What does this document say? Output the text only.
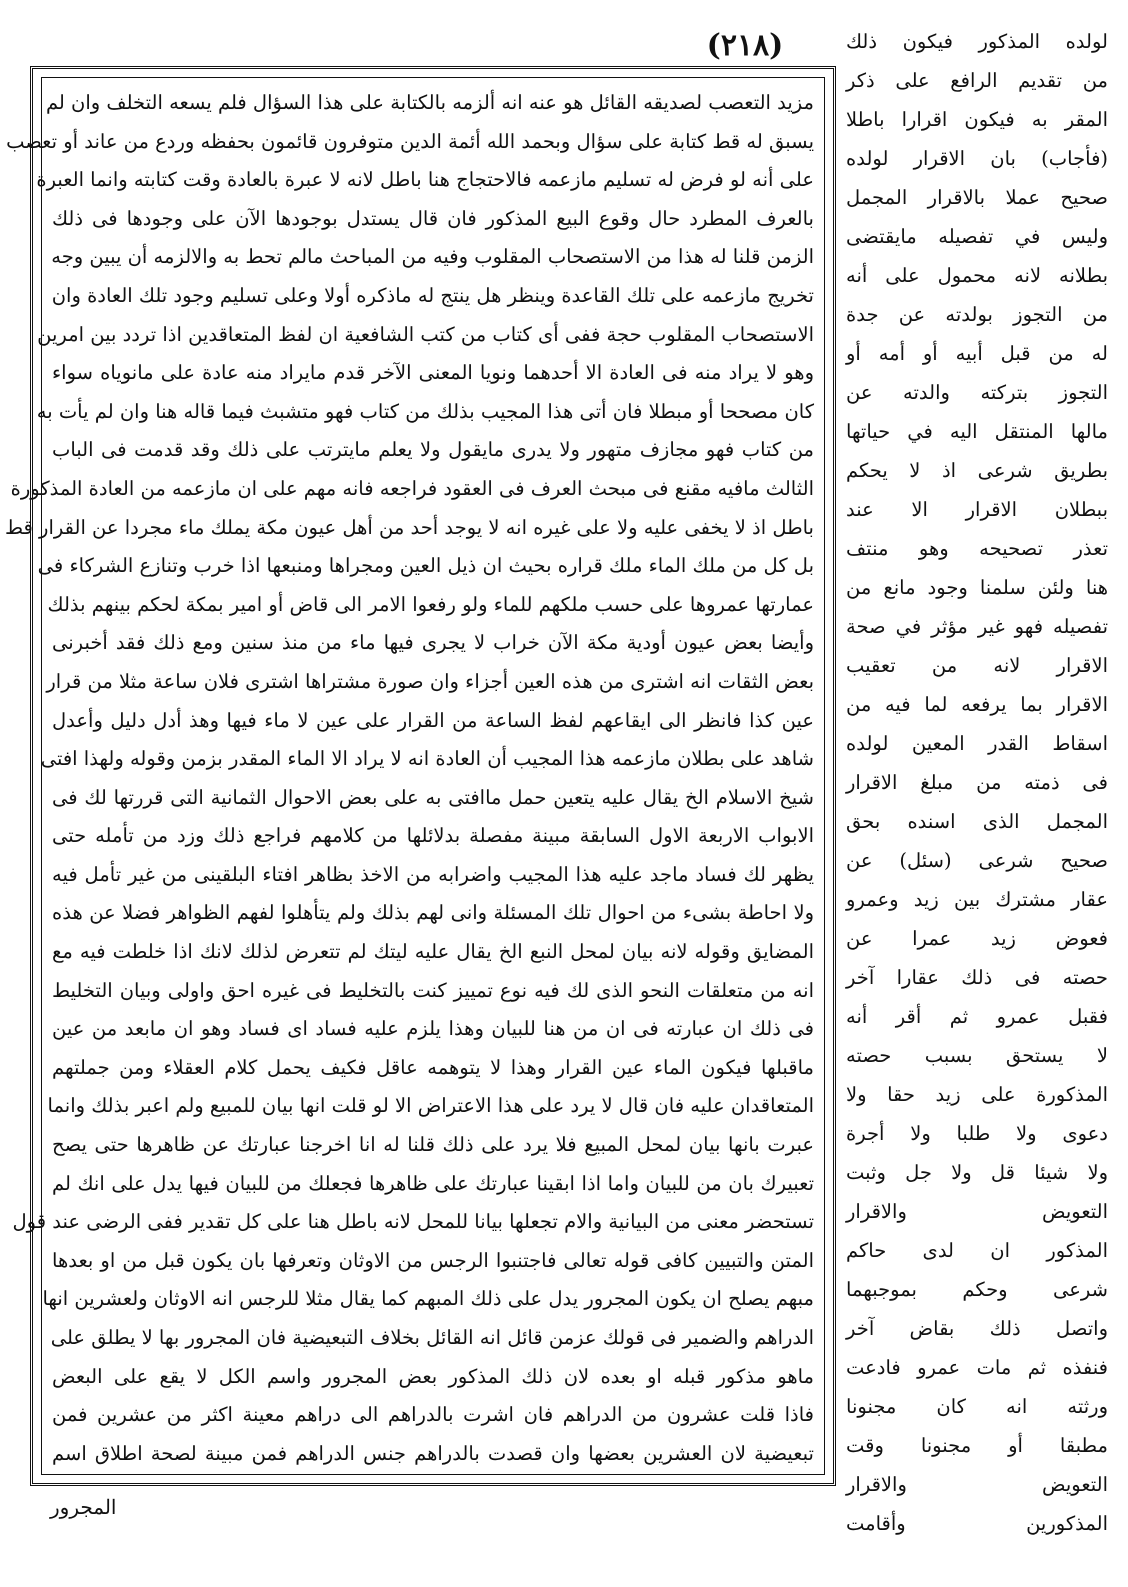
(٢١٨)
مزيد التعصب لصديقه القائل هو عنه انه ألزمه بالكتابة على هذا السؤال فلم يسعه التخلف وان لم
يسبق له قط كتابة على سؤال وبحمد الله أئمة الدين متوفرون قائمون بحفظه وردع من عاند أو تعصب
على أنه لو فرض له تسليم مازعمه فالاحتجاج هنا باطل لانه لا عبرة بالعادة وقت كتابته وانما العبرة
بالعرف المطرد حال وقوع البيع المذكور فان قال يستدل بوجودها الآن على وجودها فى ذلك
الزمن قلنا له هذا من الاستصحاب المقلوب وفيه من المباحث مالم تحط به والالزمه أن يبين وجه
تخريج مازعمه على تلك القاعدة وينظر هل ينتج له ماذكره أولا وعلى تسليم وجود تلك العادة وان
الاستصحاب المقلوب حجة ففى أى كتاب من كتب الشافعية ان لفظ المتعاقدين اذا تردد بين امرين
وهو لا يراد منه فى العادة الا أحدهما ونويا المعنى الآخر قدم مايراد منه عادة على مانوياه سواء
كان مصححا أو مبطلا فان أتى هذا المجيب بذلك من كتاب فهو متشبث فيما قاله هنا وان لم يأت به
من كتاب فهو مجازف متهور ولا يدرى مايقول ولا يعلم مايترتب على ذلك وقد قدمت فى الباب
الثالث مافيه مقنع فى مبحث العرف فى العقود فراجعه فانه مهم على ان مازعمه من العادة المذكورة
باطل اذ لا يخفى عليه ولا على غيره انه لا يوجد أحد من أهل عيون مكة يملك ماء مجردا عن القرار قط
بل كل من ملك الماء ملك قراره بحيث ان ذيل العين ومجراها ومنبعها اذا خرب وتنازع الشركاء فى
عمارتها عمروها على حسب ملكهم للماء ولو رفعوا الامر الى قاض أو امير بمكة لحكم بينهم بذلك
وأيضا بعض عيون أودية مكة الآن خراب لا يجرى فيها ماء من منذ سنين ومع ذلك فقد أخبرنى
بعض الثقات انه اشترى من هذه العين أجزاء وان صورة مشتراها اشترى فلان ساعة مثلا من قرار
عين كذا فانظر الى ايقاعهم لفظ الساعة من القرار على عين لا ماء فيها وهذ أدل دليل وأعدل
شاهد على بطلان مازعمه هذا المجيب أن العادة انه لا يراد الا الماء المقدر بزمن وقوله ولهذا افتى
شيخ الاسلام الخ يقال عليه يتعين حمل ماافتى به على بعض الاحوال الثمانية التى قررتها لك فى
الابواب الاربعة الاول السابقة مبينة مفصلة بدلائلها من كلامهم فراجع ذلك وزد من تأمله حتى
يظهر لك فساد ماجد عليه هذا المجيب واضرابه من الاخذ بظاهر افتاء البلقينى من غير تأمل فيه
ولا احاطة بشىء من احوال تلك المسئلة وانى لهم بذلك ولم يتأهلوا لفهم الظواهر فضلا عن هذه
المضايق وقوله لانه بيان لمحل النبع الخ يقال عليه ليتك لم تتعرض لذلك لانك اذا خلطت فيه مع
انه من متعلقات النحو الذى لك فيه نوع تمييز كنت بالتخليط فى غيره احق واولى وبيان التخليط
فى ذلك ان عبارته فى ان من هنا للبيان وهذا يلزم عليه فساد اى فساد وهو ان مابعد من عين
ماقبلها فيكون الماء عين القرار وهذا لا يتوهمه عاقل فكيف يحمل كلام العقلاء ومن جملتهم
المتعاقدان عليه فان قال لا يرد على هذا الاعتراض الا لو قلت انها بيان للمبيع ولم اعبر بذلك وانما
عبرت بانها بيان لمحل المبيع فلا يرد على ذلك قلنا له انا اخرجنا عبارتك عن ظاهرها حتى يصح
تعبيرك بان من للبيان واما اذا ابقينا عبارتك على ظاهرها فجعلك من للبيان فيها يدل على انك لم
تستحضر معنى من البيانية والام تجعلها بيانا للمحل لانه باطل هنا على كل تقدير ففى الرضى عند قول
المتن والتبيين كافى قوله تعالى فاجتنبوا الرجس من الاوثان وتعرفها بان يكون قبل من او بعدها
مبهم يصلح ان يكون المجرور يدل على ذلك المبهم كما يقال مثلا للرجس انه الاوثان ولعشرين انها
الدراهم والضمير فى قولك عزمن قائل انه القائل بخلاف التبعيضية فان المجرور بها لا يطلق على
ماهو مذكور قبله او بعده لان ذلك المذكور بعض المجرور واسم الكل لا يقع على البعض
فاذا قلت عشرون من الدراهم فان اشرت بالدراهم الى دراهم معينة اكثر من عشرين فمن
تبعيضية لان العشرين بعضها وان قصدت بالدراهم جنس الدراهم فمن مبينة لصحة اطلاق اسم
لولده المذكور فيكون ذلك
من تقديم الرافع على ذكر
المقر به فيكون اقرارا باطلا
(فأجاب) بان الاقرار لولده
صحيح عملا بالاقرار المجمل
وليس في تفصيله مايقتضى
بطلانه لانه محمول على أنه
من التجوز بولدته عن جدة
له من قبل أبيه أو أمه أو
التجوز بتركته والدته عن
مالها المنتقل اليه في حياتها
بطريق شرعى اذ لا يحكم
ببطلان الاقرار الا عند
تعذر تصحيحه وهو منتف
هنا ولئن سلمنا وجود مانع من
تفصيله فهو غير مؤثر في صحة
الاقرار لانه من تعقيب
الاقرار بما يرفعه لما فيه من
اسقاط القدر المعين لولده
فى ذمته من مبلغ الاقرار
المجمل الذى اسنده بحق
صحيح شرعى (سئل) عن
عقار مشترك بين زيد وعمرو
فعوض زيد عمرا عن
حصته فى ذلك عقارا آخر
فقبل عمرو ثم أقر أنه
لا يستحق بسبب حصته
المذكورة على زيد حقا ولا
دعوى ولا طلبا ولا أجرة
ولا شيئا قل ولا جل وثبت
التعويض والاقرار
المذكور ان لدى حاكم
شرعى وحكم بموجبهما
واتصل ذلك بقاض آخر
فنفذه ثم مات عمرو فادعت
ورثته انه كان مجنونا
مطبقا أو مجنونا وقت
التعويض والاقرار
المذكورين وأقامت
المجرور
